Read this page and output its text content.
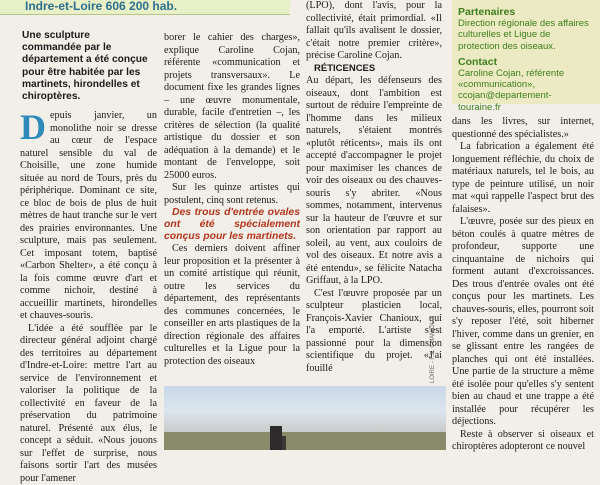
Indre-et-Loire 606 200 hab.
Une sculpture commandée par le département a été conçue pour être habitée par les martinets, hirondelles et chiroptères.

Depuis janvier, un monolithe noir se dresse au cœur de l'espace naturel sensible du val de Choisille, une zone humide située au nord de Tours, près du périphérique. Dominant ce site, ce bloc de bois de plus de huit mètres de haut tranche sur le vert des prairies environnantes. Une sculpture, mais pas seulement. Cet imposant totem, baptisé «Carbon Shelter», a été conçu à la fois comme œuvre d'art et comme nichoir, destiné à accueillir martinets, hirondelles et chauves-souris.

L'idée a été soufflée par le directeur général adjoint chargé des territoires au département d'Indre-et-Loire: mettre l'art au service de l'environnement et valoriser la politique de la collectivité en faveur de la préservation du patrimoine naturel. Présenté aux élus, le concept a séduit. «Nous jouons sur l'effet de surprise, nous faisons sortir l'art des musées pour l'amener

borer le cahier des charges», explique Caroline Cojan, référente «communication et projets transversaux». Le document fixe les grandes lignes – une œuvre monumentale, durable, facile d'entretien –, les critères de sélection (la qualité artistique du dossier et son adéquation à la demande) et le montant de l'enveloppe, soit 25000 euros.

Sur les quinze artistes qui postulent, cinq sont retenus.

Des trous d'entrée ovales ont été spécialement conçus pour les martinets.

Ces derniers doivent affiner leur proposition et la présenter à un comité artistique qui réunit, outre les services du département, des représentants des communes concernées, le conseiller en arts plastiques de la direction régionale des affaires culturelles et la Ligue pour la protection des oiseaux

(LPO), dont l'avis, pour la collectivité, était primordial. «Il fallait qu'ils avalisent le dossier, c'était notre premier critère», précise Caroline Cojan.

RÉTICENCES

Au départ, les défenseurs des oiseaux, dont l'ambition est surtout de réduire l'empreinte de l'homme dans les milieux naturels, s'étaient montrés «plutôt réticents», mais ils ont accepté d'accompagner le projet pour maximiser les chances de voir des oiseaux ou des chauves-souris s'y abriter. «Nous sommes, notamment, intervenus sur la hauteur de l'œuvre et sur son orientation par rapport au soleil, au vent, aux couloirs de vol des oiseaux. Et notre avis a été entendu», se félicite Natacha Griffaut, à la LPO.

C'est l'œuvre proposée par un sculpteur plasticien local, François-Xavier Chanioux, qui l'a emporté. L'artiste s'est passionné pour la dimension scientifique du projet. «J'ai fouillé

Partenaires
Direction régionale des affaires culturelles et Ligue de protection des oiseaux.
Contact
Caroline Cojan, référente «communication», ccojan@departement-touraine.fr

dans les livres, sur internet, questionné des spécialistes.»

La fabrication a également été longuement réfléchie, du choix de matériaux naturels, tel le bois, au type de peinture utilisé, un noir mat «qui rappelle l'aspect brut des falaises».

L'œuvre, posée sur des pieux en béton coulés à quatre mètres de profondeur, supporte une cinquantaine de nichoirs qui forment autant d'excroissances. Des trous d'entrée ovales ont été conçus pour les martinets. Les chauves-souris, elles, pourront soit s'y reposer l'été, soit hiberner l'hiver, comme dans un grenier, en se glissant entre les rangées de planches qui ont été installées. Une partie de la structure a même été isolée pour qu'elles s'y sentent bien au chaud et une trappe a été installée pour récupérer les déjections.

Reste à observer si oiseaux et chiroptères adopteront ce nouvel

LOIRE - F.X. CHANIOUX
